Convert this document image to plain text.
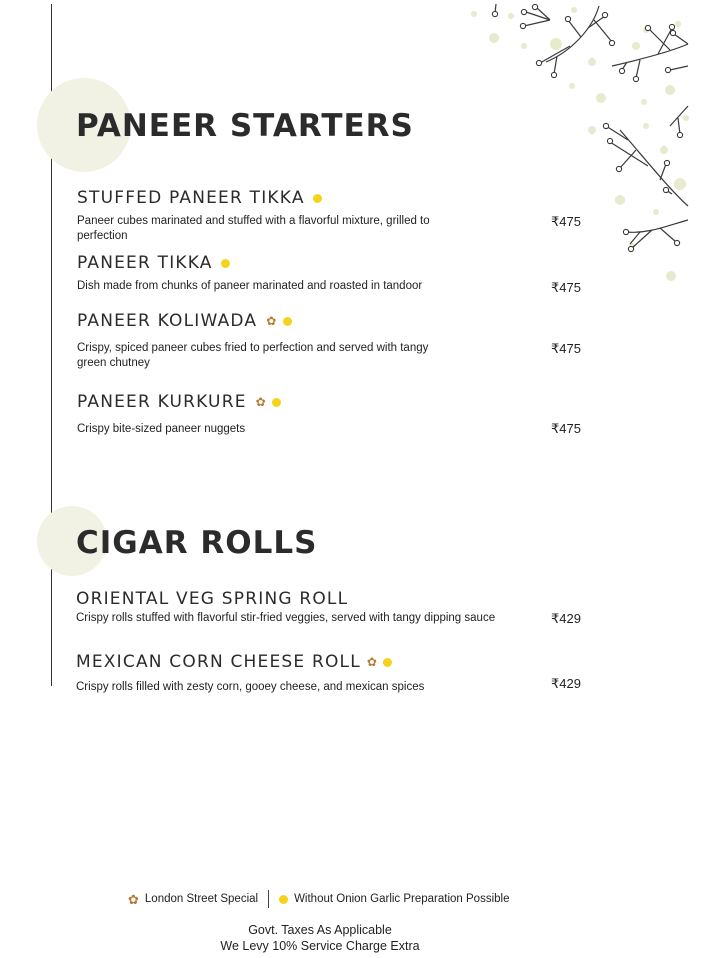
PANEER STARTERS
STUFFED PANEER TIKKA
Paneer cubes marinated and stuffed with a flavorful mixture, grilled to perfection
₹475
PANEER TIKKA
Dish made from chunks of paneer marinated and roasted in tandoor	₹475
PANEER KOLIWADA ✿
Crispy, spiced paneer cubes fried to perfection and served with tangy green chutney
₹475
PANEER KURKURE ✿
Crispy bite-sized paneer nuggets	₹475
CIGAR ROLLS
ORIENTAL VEG SPRING ROLL
Crispy rolls stuffed with flavorful stir-fried veggies, served with tangy dipping sauce	₹429
MEXICAN CORN CHEESE ROLL ✿
Crispy rolls filled with zesty corn, gooey cheese, and mexican spices	₹429
✿ London Street Special	Without Onion Garlic Preparation Possible
Govt. Taxes As Applicable
We Levy 10% Service Charge Extra
